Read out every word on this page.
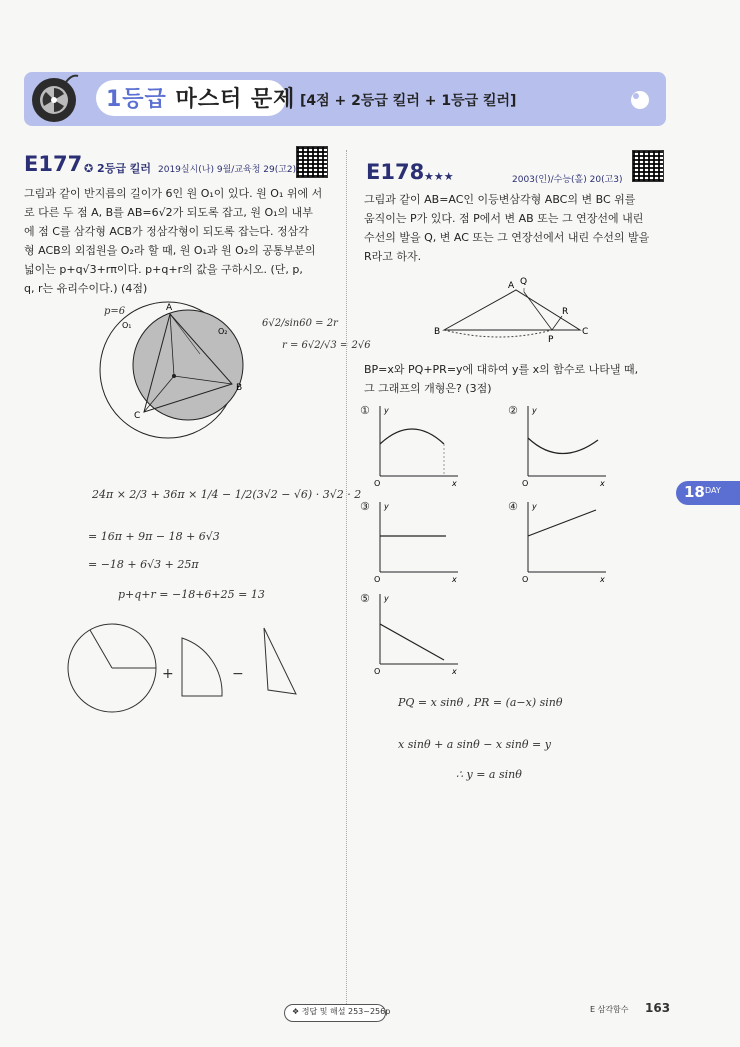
1등급 마스터 문제 [4점 + 2등급 킬러 + 1등급 킬러]
E177 ✪ 2등급 킬러 2019실시(나) 9월/교육청 29(고2)
그림과 같이 반지름의 길이가 6인 원 O₁이 있다. 원 O₁ 위에 서
로 다른 두 점 A, B를 AB=6√2가 되도록 잡고, 원 O₁의 내부
에 점 C를 삼각형 ACB가 정삼각형이 되도록 잡는다. 정삼각
형 ACB의 외접원을 O₂라 할 때, 원 O₁과 원 O₂의 공통부분의
넓이는 p+q√3+rπ이다. p+q+r의 값을 구하시오. (단, p,
q, r는 유리수이다.) (4점)
A
B
C
O₁
O₂
p=6
6√2/sin60 = 2r
r = 6√2/√3 = 2√6
24π × 2/3 + 36π × 1/4 − 1/2(3√2 − √6) · 3√2 · 2
= 16π + 9π − 18 + 6√3
= −18 + 6√3 + 25π
p+q+r = −18+6+25 = 13
+	−
E178 ★★★	2003(인)/수능(홀) 20(고3)
그림과 같이 AB=AC인 이등변삼각형 ABC의 변 BC 위를
움직이는 P가 있다. 점 P에서 변 AB 또는 그 연장선에 내린
수선의 발을 Q, 변 AC 또는 그 연장선에서 내린 수선의 발을
R라고 하자.
B
A
C
P
Q
R
BP=x와 PQ+PR=y에 대하여 y를 x의 함수로 나타낼 때,
그 그래프의 개형은? (3점)
① y
x
O
② y
x
O
③ y
x
O
④ y
x
O
⑤ y
x
O
PQ = x sinθ , PR = (a−x) sinθ
x sinθ + a sinθ − x sinθ = y
∴ y = a sinθ
18 DAY
❖ 정답 및 해설 253~256p	E 삼각함수 163
